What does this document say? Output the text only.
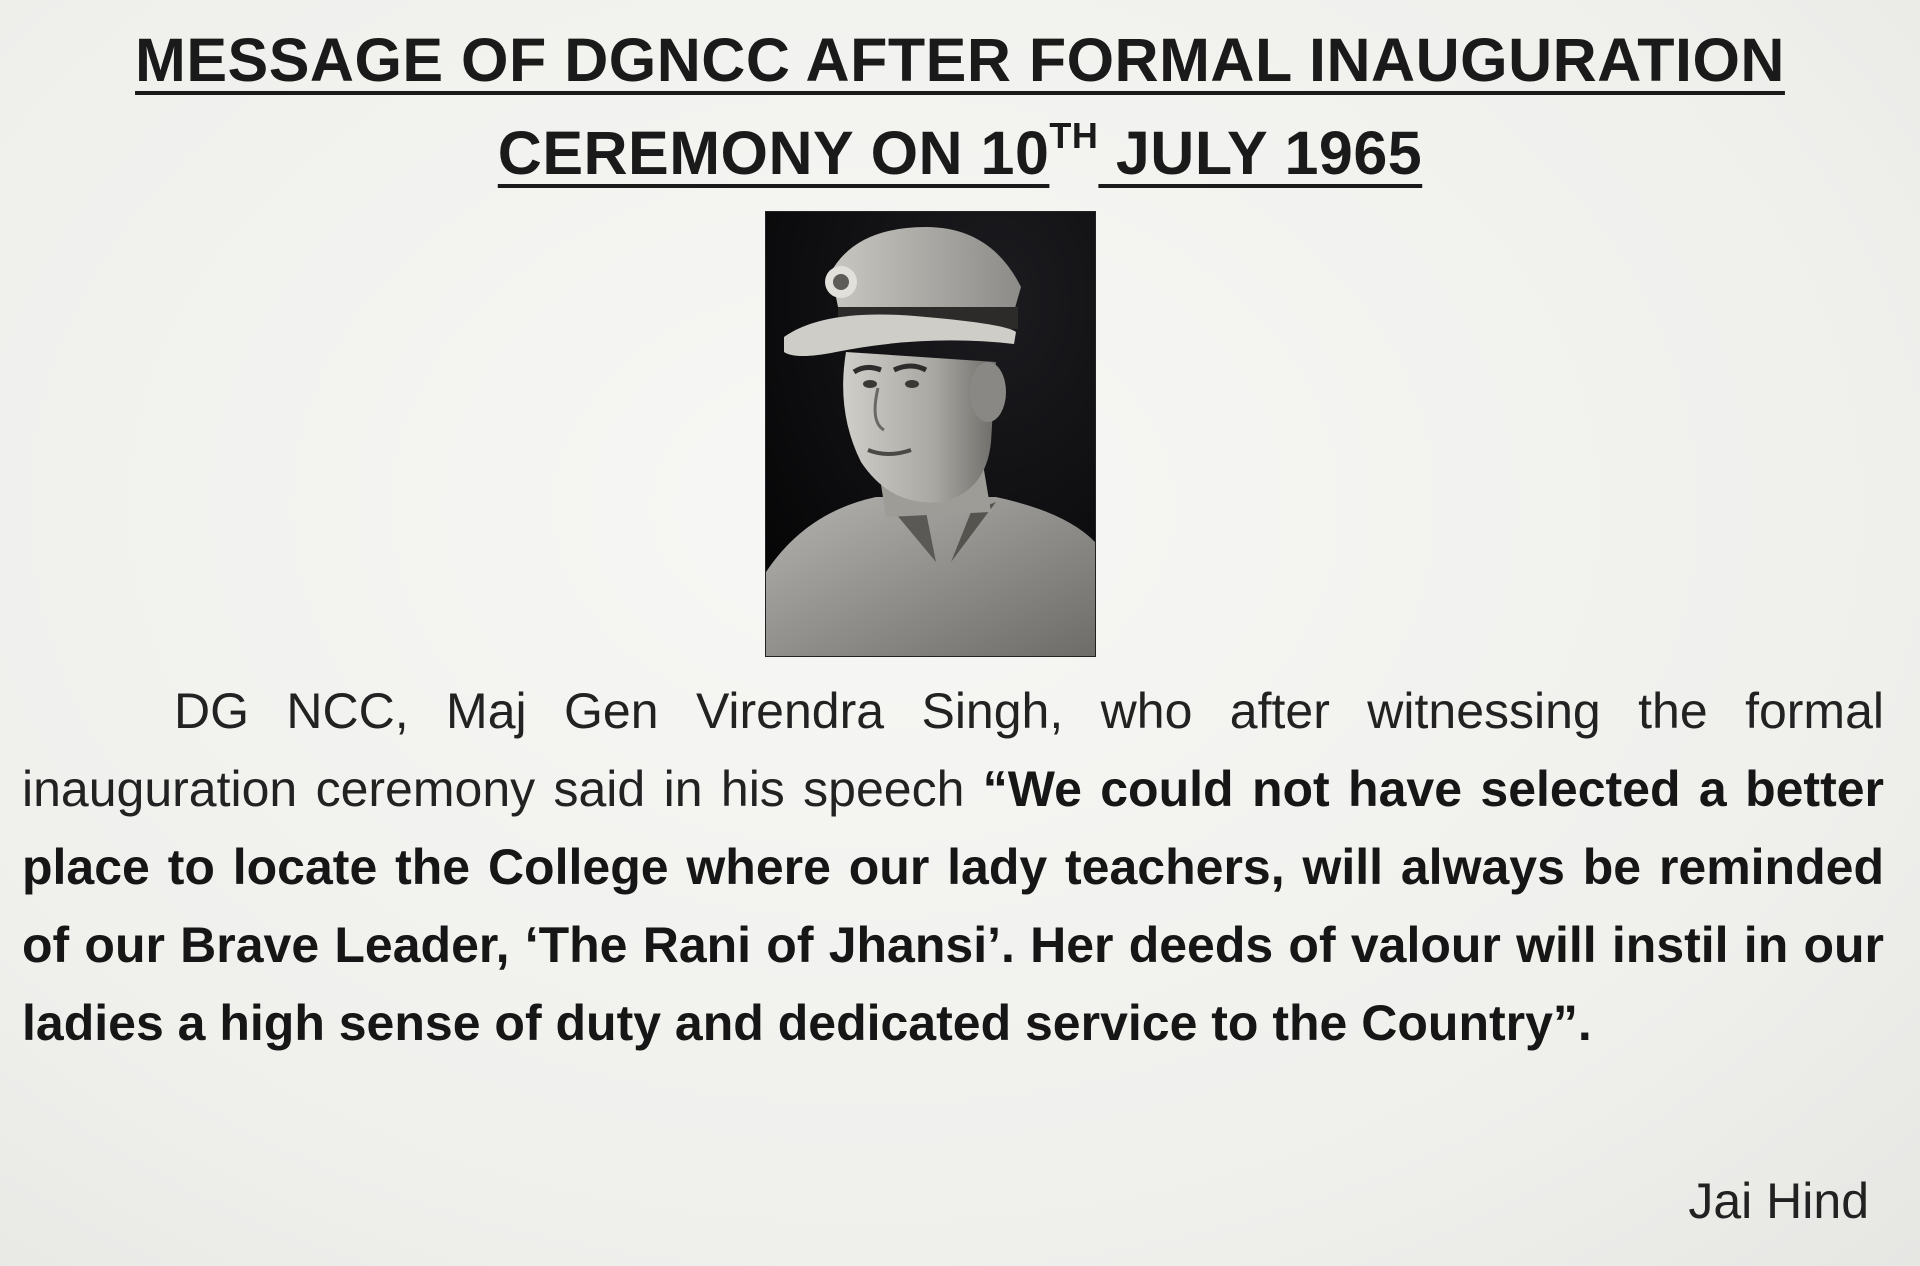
MESSAGE OF DGNCC AFTER FORMAL INAUGURATION
CEREMONY ON 10TH JULY 1965
DG NCC, Maj Gen Virendra Singh, who after witnessing the formal inauguration ceremony said in his speech “We could not have selected a better place to locate the College where our lady teachers, will always be reminded of our Brave Leader, ‘The Rani of Jhansi’. Her deeds of valour will instil in our ladies a high sense of duty and dedicated service to the Country”.
Jai Hind
